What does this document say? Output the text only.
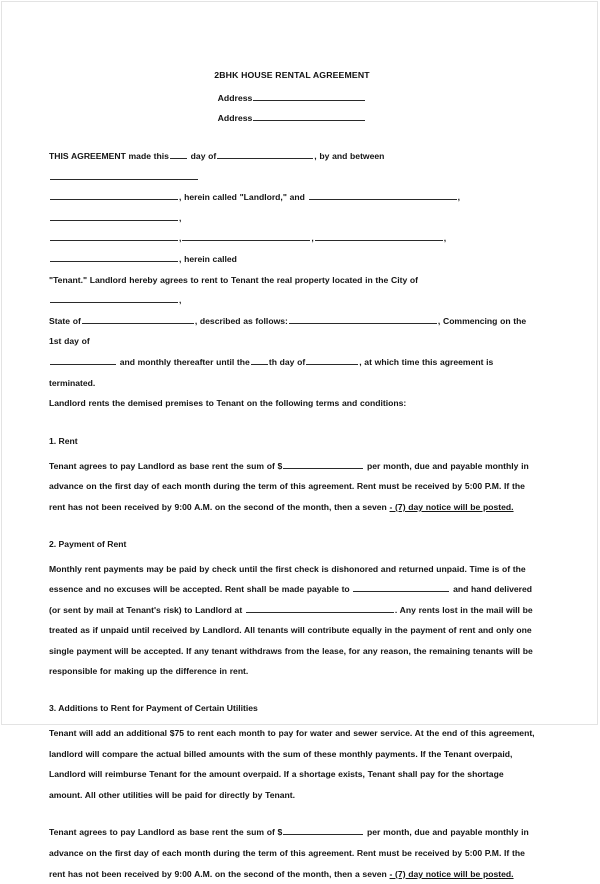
2BHK HOUSE RENTAL AGREEMENT
Address
Address
THIS AGREEMENT made this	day of	, by and between
, herein called "Landlord," and	,,
,	,	,, herein called
"Tenant." Landlord hereby agrees to rent to Tenant the real property located in the City of,
State of	, described as follows:	, Commencing on the 1st day of
and monthly thereafter until the th day of	, at which time this agreement is terminated.
Landlord rents the demised premises to Tenant on the following terms and conditions:
1. Rent
Tenant agrees to pay Landlord as base rent the sum of $	per month, due and payable monthly in advance on the first day of each month during the term of this agreement. Rent must be received by 5:00 P.M. If the rent has not been received by 9:00 A.M. on the second of the month, then a seven - (7) day notice will be posted.
2. Payment of Rent
Monthly rent payments may be paid by check until the first check is dishonored and returned unpaid. Time is of the essence and no excuses will be accepted. Rent shall be made payable to	and hand delivered (or sent by mail at Tenant's risk) to Landlord at	. Any rents lost in the mail will be treated as if unpaid until received by Landlord. All tenants will contribute equally in the payment of rent and only one single payment will be accepted. If any tenant withdraws from the lease, for any reason, the remaining tenants will be responsible for making up the difference in rent.
3. Additions to Rent for Payment of Certain Utilities
Tenant will add an additional $75 to rent each month to pay for water and sewer service. At the end of this agreement, landlord will compare the actual billed amounts with the sum of these monthly payments. If the Tenant overpaid, Landlord will reimburse Tenant for the amount overpaid. If a shortage exists, Tenant shall pay for the shortage amount. All other utilities will be paid for directly by Tenant.
Tenant agrees to pay Landlord as base rent the sum of $	per month, due and payable monthly in advance on the first day of each month during the term of this agreement. Rent must be received by 5:00 P.M. If the rent has not been received by 9:00 A.M. on the second of the month, then a seven - (7) day notice will be posted.
